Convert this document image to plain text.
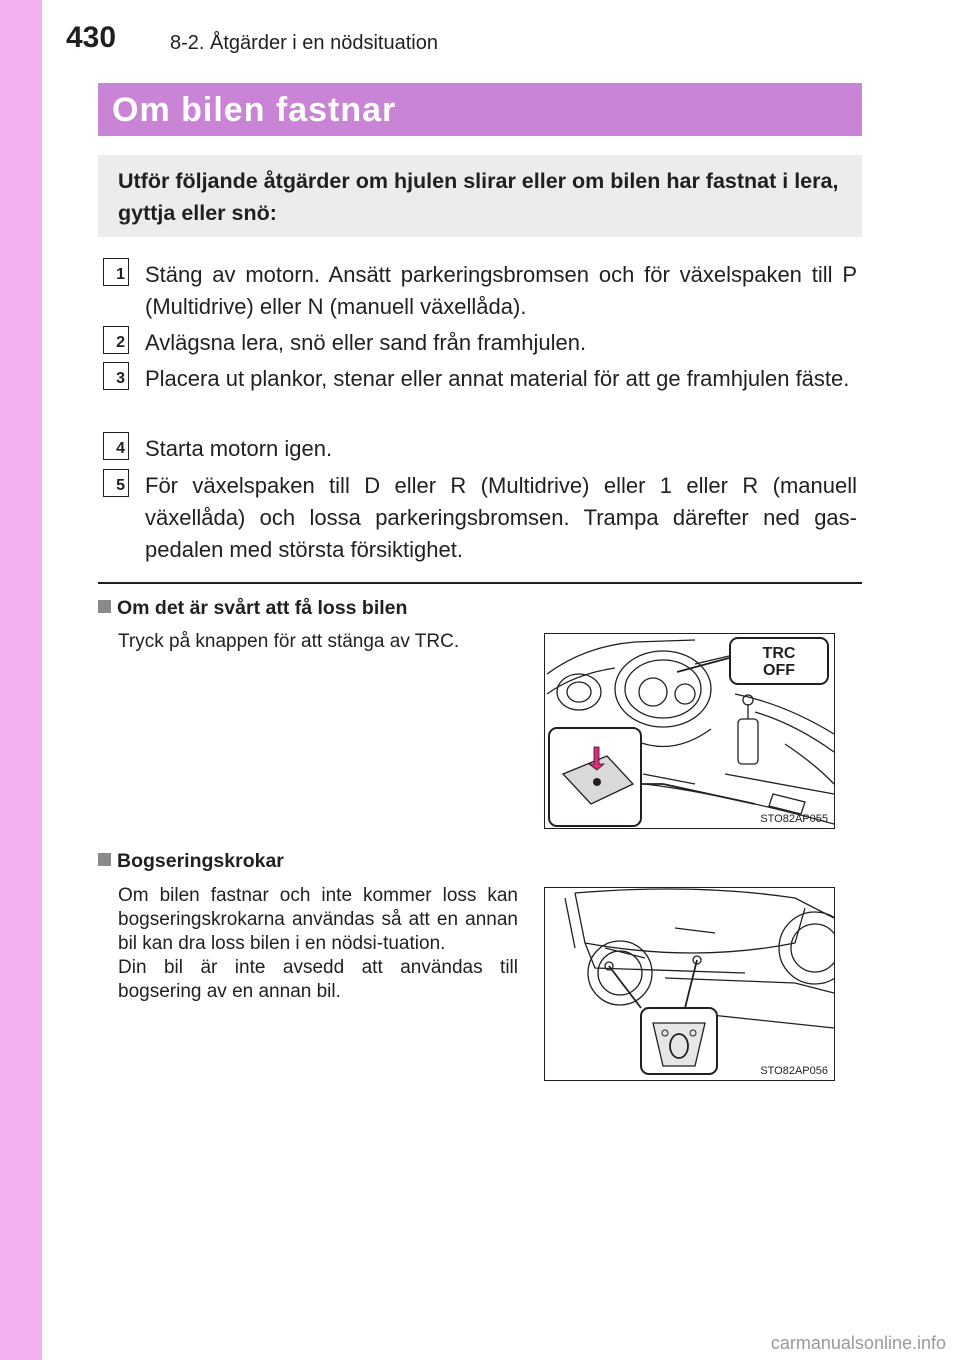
430	8-2. Åtgärder i en nödsituation
Om bilen fastnar

Utför följande åtgärder om hjulen slirar eller om bilen har fastnat i lera, gyttja eller snö:

1 Stäng av motorn. Ansätt parkeringsbromsen och för växelspaken till P (Multidrive) eller N (manuell växellåda).
2 Avlägsna lera, snö eller sand från framhjulen.
3 Placera ut plankor, stenar eller annat material för att ge framhjulen fäste.
4 Starta motorn igen.
5 För växelspaken till D eller R (Multidrive) eller 1 eller R (manuell växellåda) och lossa parkeringsbromsen. Trampa därefter ned gas-pedalen med största försiktighet.
Om det är svårt att få loss bilen
Tryck på knappen för att stänga av TRC.
TRC
OFF
STO82AP055
Bogseringskrokar
Om bilen fastnar och inte kommer loss kan bogseringskrokarna användas så att en annan bil kan dra loss bilen i en nödsi-tuation.
Din bil är inte avsedd att användas till bogsering av en annan bil.
STO82AP056
carmanualsonline.info
